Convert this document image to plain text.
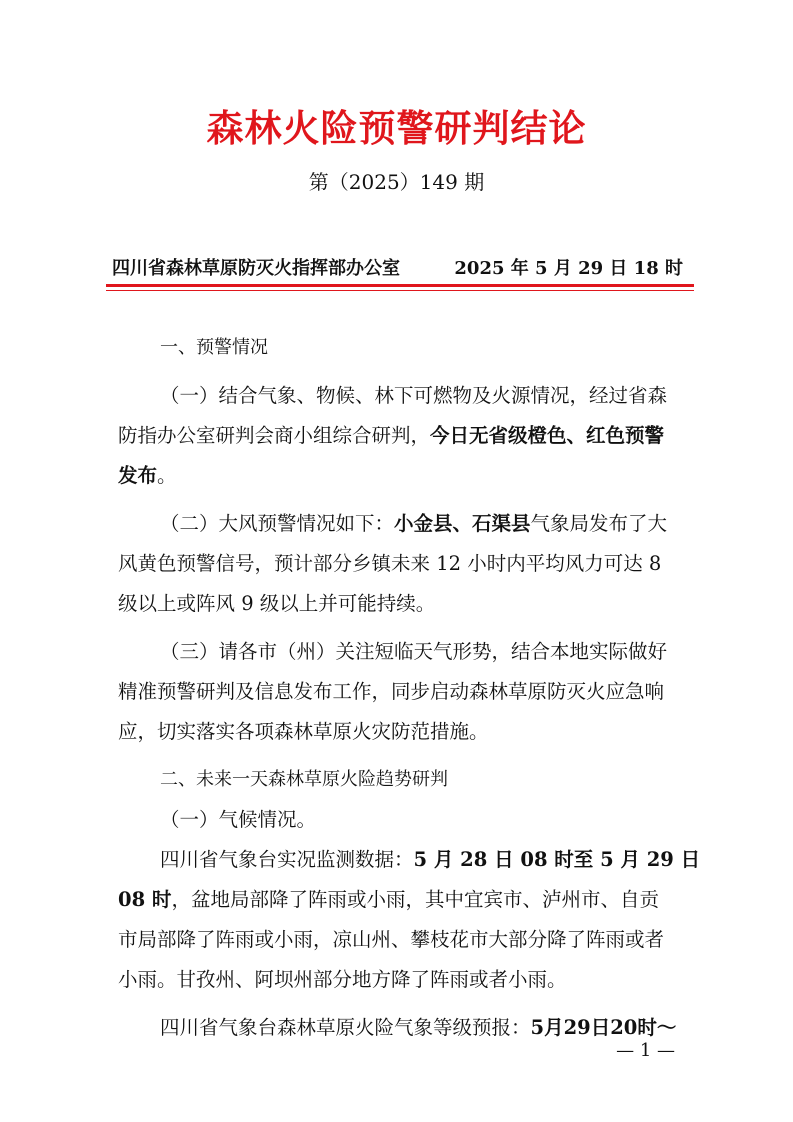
森林火险预警研判结论
第（2025）149 期
四川省森林草原防灭火指挥部办公室	2025 年 5 月 29 日 18 时
一、预警情况
（一）结合气象、物候、林下可燃物及火源情况，经过省森
防指办公室研判会商小组综合研判，今日无省级橙色、红色预警
发布。
（二）大风预警情况如下：小金县、石渠县气象局发布了大
风黄色预警信号，预计部分乡镇未来 12 小时内平均风力可达 8
级以上或阵风 9 级以上并可能持续。
（三）请各市（州）关注短临天气形势，结合本地实际做好
精准预警研判及信息发布工作，同步启动森林草原防灭火应急响
应，切实落实各项森林草原火灾防范措施。
二、未来一天森林草原火险趋势研判
（一）气候情况。
四川省气象台实况监测数据：5 月 28 日 08 时至 5 月 29 日
08 时，盆地局部降了阵雨或小雨，其中宜宾市、泸州市、自贡
市局部降了阵雨或小雨，凉山州、攀枝花市大部分降了阵雨或者
小雨。甘孜州、阿坝州部分地方降了阵雨或者小雨。
四川省气象台森林草原火险气象等级预报：5月29日20时～
— 1 —
